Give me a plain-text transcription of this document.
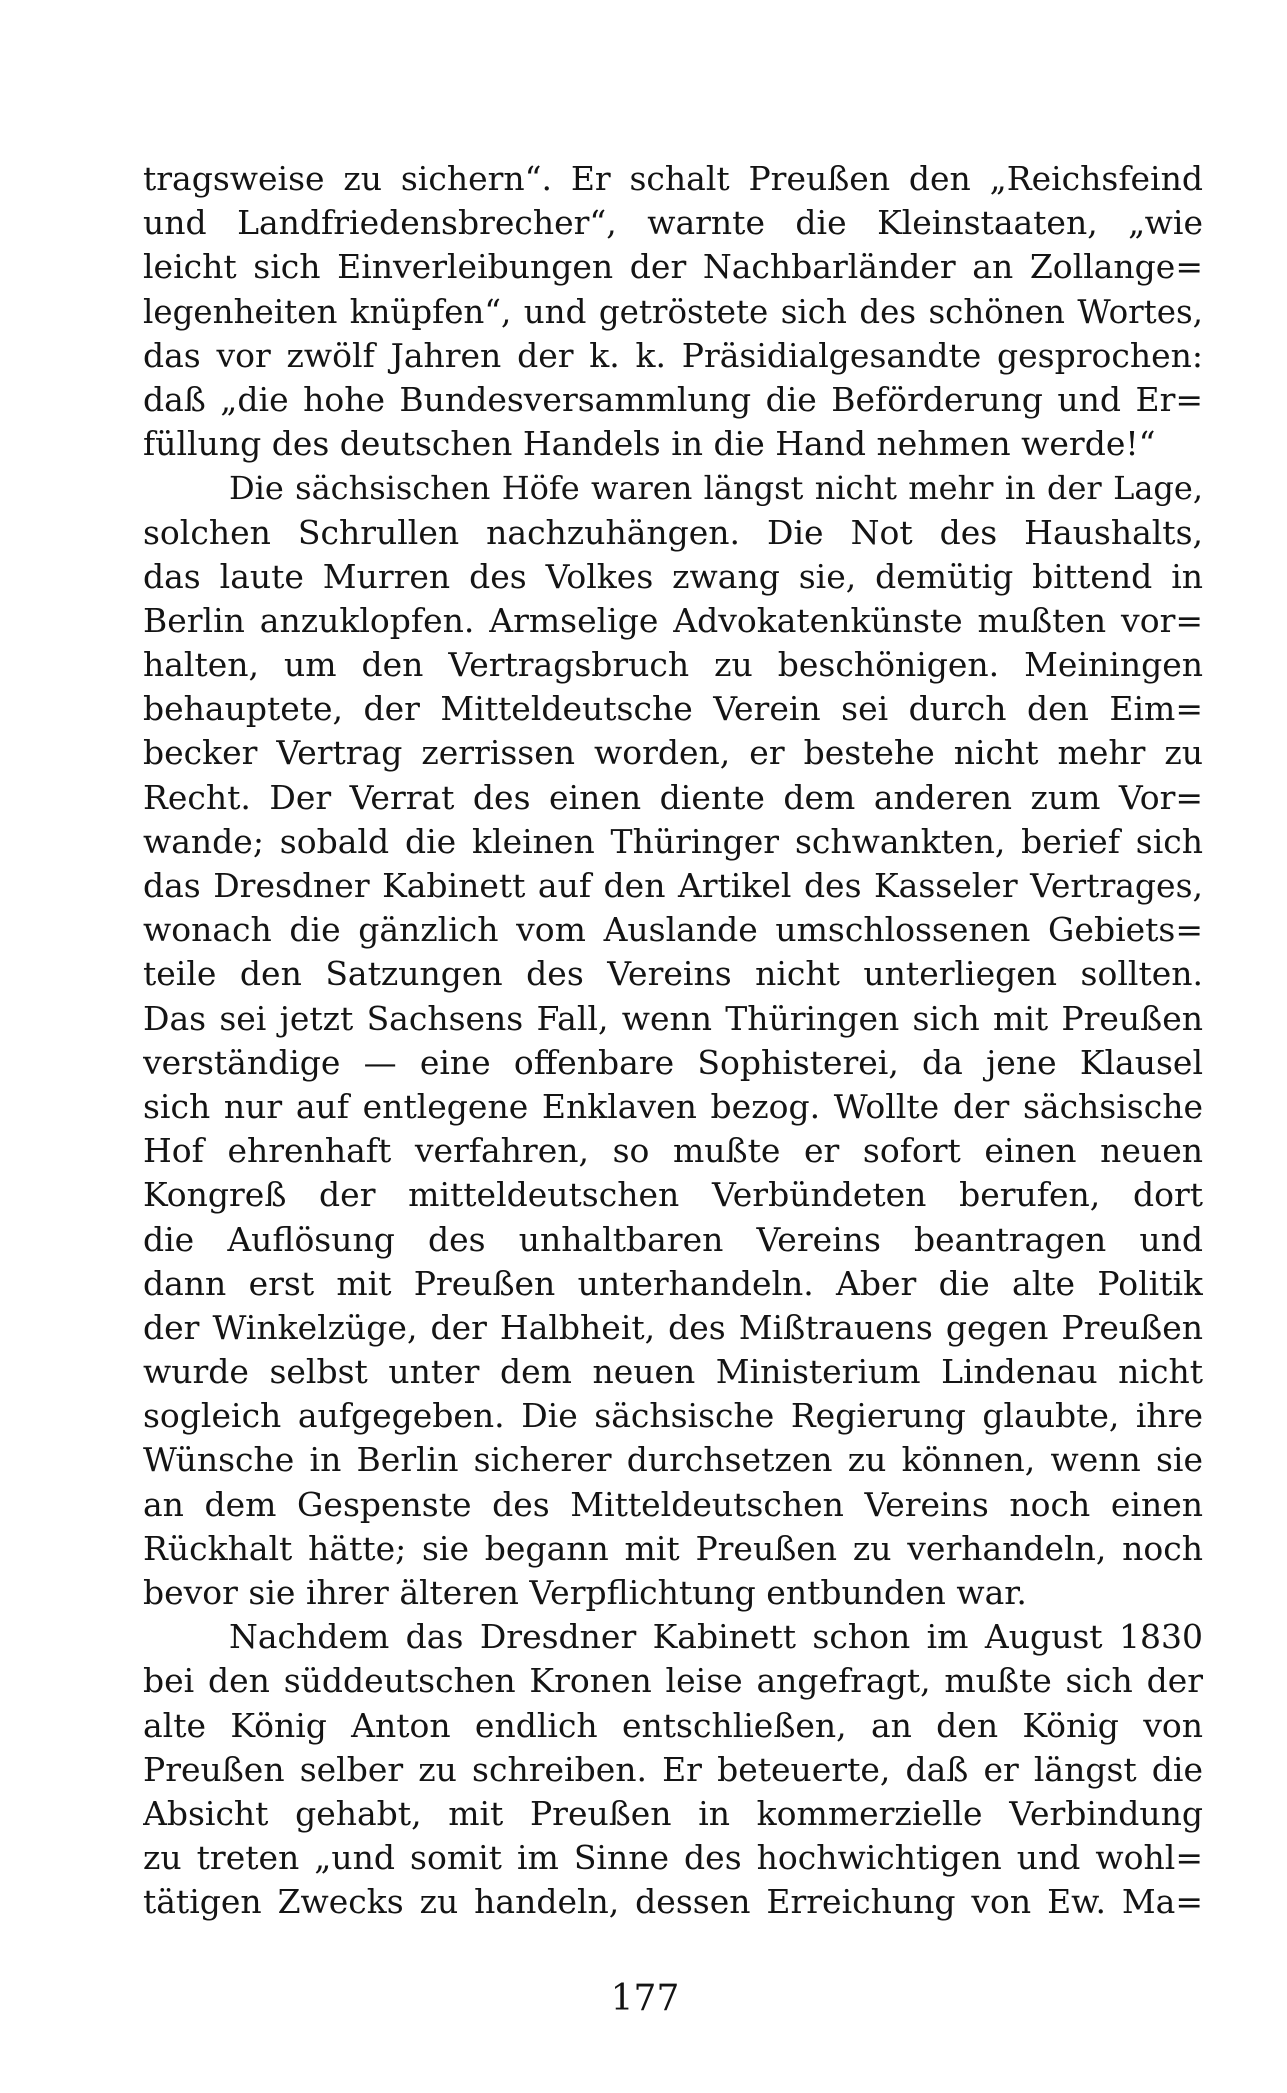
tragsweise zu sichern“. Er schalt Preußen den „Reichsfeind
und Landfriedensbrecher“, warnte die Kleinstaaten, „wie
leicht sich Einverleibungen der Nachbarländer an Zollange=
legenheiten knüpfen“, und getröstete sich des schönen Wortes,
das vor zwölf Jahren der k. k. Präsidialgesandte gesprochen:
daß „die hohe Bundesversammlung die Beförderung und Er=
füllung des deutschen Handels in die Hand nehmen werde!“
Die sächsischen Höfe waren längst nicht mehr in der Lage,
solchen Schrullen nachzuhängen. Die Not des Haushalts,
das laute Murren des Volkes zwang sie, demütig bittend in
Berlin anzuklopfen. Armselige Advokatenkünste mußten vor=
halten, um den Vertragsbruch zu beschönigen. Meiningen
behauptete, der Mitteldeutsche Verein sei durch den Eim=
becker Vertrag zerrissen worden, er bestehe nicht mehr zu
Recht. Der Verrat des einen diente dem anderen zum Vor=
wande; sobald die kleinen Thüringer schwankten, berief sich
das Dresdner Kabinett auf den Artikel des Kasseler Vertrages,
wonach die gänzlich vom Auslande umschlossenen Gebiets=
teile den Satzungen des Vereins nicht unterliegen sollten.
Das sei jetzt Sachsens Fall, wenn Thüringen sich mit Preußen
verständige — eine offenbare Sophisterei, da jene Klausel
sich nur auf entlegene Enklaven bezog. Wollte der sächsische
Hof ehrenhaft verfahren, so mußte er sofort einen neuen
Kongreß der mitteldeutschen Verbündeten berufen, dort
die Auflösung des unhaltbaren Vereins beantragen und
dann erst mit Preußen unterhandeln. Aber die alte Politik
der Winkelzüge, der Halbheit, des Mißtrauens gegen Preußen
wurde selbst unter dem neuen Ministerium Lindenau nicht
sogleich aufgegeben. Die sächsische Regierung glaubte, ihre
Wünsche in Berlin sicherer durchsetzen zu können, wenn sie
an dem Gespenste des Mitteldeutschen Vereins noch einen
Rückhalt hätte; sie begann mit Preußen zu verhandeln, noch
bevor sie ihrer älteren Verpflichtung entbunden war.
Nachdem das Dresdner Kabinett schon im August 1830
bei den süddeutschen Kronen leise angefragt, mußte sich der
alte König Anton endlich entschließen, an den König von
Preußen selber zu schreiben. Er beteuerte, daß er längst die
Absicht gehabt, mit Preußen in kommerzielle Verbindung
zu treten „und somit im Sinne des hochwichtigen und wohl=
tätigen Zwecks zu handeln, dessen Erreichung von Ew. Ma=
177
